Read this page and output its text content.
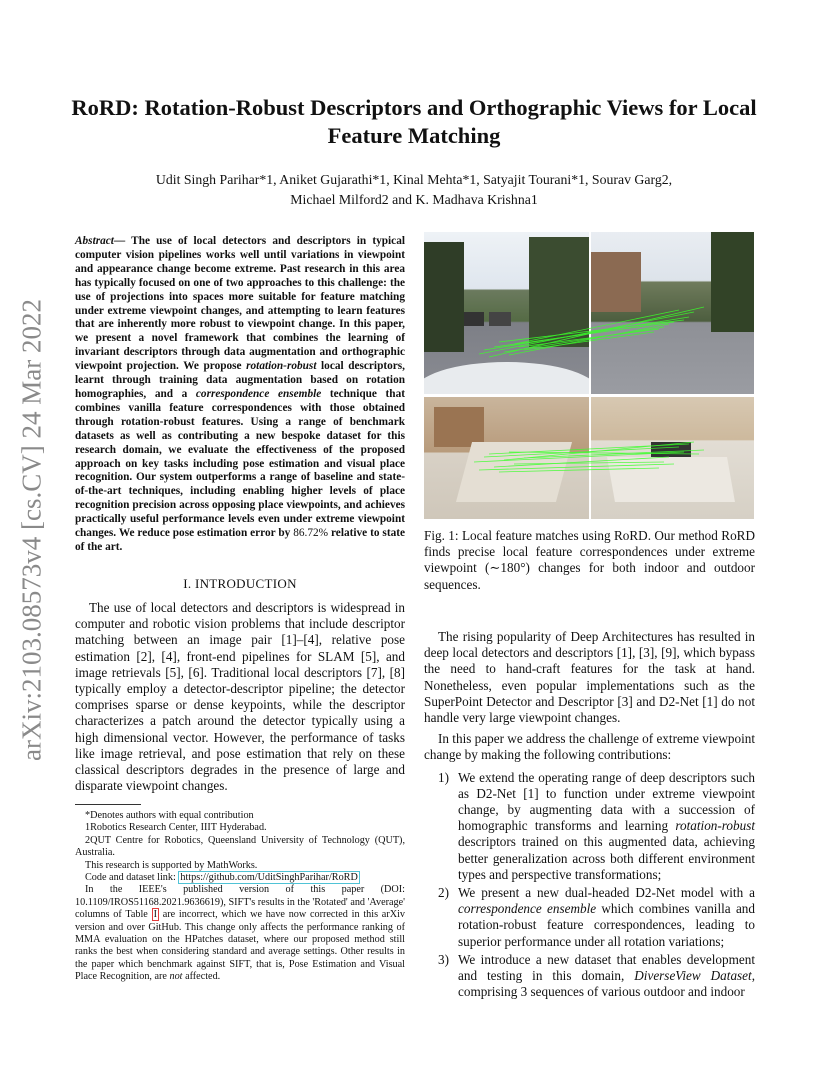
RoRD: Rotation-Robust Descriptors and Orthographic Views for Local Feature Matching
Udit Singh Parihar*1, Aniket Gujarathi*1, Kinal Mehta*1, Satyajit Tourani*1, Sourav Garg2,
Michael Milford2 and K. Madhava Krishna1
arXiv:2103.08573v4 [cs.CV] 24 Mar 2022
Abstract— The use of local detectors and descriptors in typical computer vision pipelines works well until variations in viewpoint and appearance change become extreme. Past research in this area has typically focused on one of two approaches to this challenge: the use of projections into spaces more suitable for feature matching under extreme viewpoint changes, and attempting to learn features that are inherently more robust to viewpoint change. In this paper, we present a novel framework that combines the learning of invariant descriptors through data augmentation and orthographic viewpoint projection. We propose rotation-robust local descriptors, learnt through training data augmentation based on rotation homographies, and a correspondence ensemble technique that combines vanilla feature correspondences with those obtained through rotation-robust features. Using a range of benchmark datasets as well as contributing a new bespoke dataset for this research domain, we evaluate the effectiveness of the proposed approach on key tasks including pose estimation and visual place recognition. Our system outperforms a range of baseline and state-of-the-art techniques, including enabling higher levels of place recognition precision across opposing place viewpoints, and achieves practically useful performance levels even under extreme viewpoint changes. We reduce pose estimation error by 86.72% relative to state of the art.
I. INTRODUCTION

The use of local detectors and descriptors is widespread in computer and robotic vision problems that include descriptor matching between an image pair [1]–[4], relative pose estimation [2], [4], front-end pipelines for SLAM [5], and image retrievals [5], [6]. Traditional local descriptors [7], [8] typically employ a detector-descriptor pipeline; the detector comprises sparse or dense keypoints, while the descriptor characterizes a patch around the detector typically using a high dimensional vector. However, the performance of tasks like image retrieval, and pose estimation that rely on these classical descriptors degrades in the presence of large and disparate viewpoint changes.

*Denotes authors with equal contribution

1Robotics Research Center, IIIT Hyderabad.

2QUT Centre for Robotics, Queensland University of Technology (QUT), Australia.

This research is supported by MathWorks.

Code and dataset link: https://github.com/UditSinghParihar/RoRD

In the IEEE's published version of this paper (DOI: 10.1109/IROS51168.2021.9636619), SIFT's results in the 'Rotated' and 'Average' columns of Table I are incorrect, which we have now corrected in this arXiv version and over GitHub. This change only affects the performance ranking of MMA evaluation on the HPatches dataset, where our proposed method still ranks the best when considering standard and average settings. Other results in the paper which benchmark against SIFT, that is, Pose Estimation and Visual Place Recognition, are not affected.

Fig. 1: Local feature matches using RoRD. Our method RoRD finds precise local feature correspondences under extreme viewpoint (∼180°) changes for both indoor and outdoor sequences.

The rising popularity of Deep Architectures has resulted in deep local detectors and descriptors [1], [3], [9], which bypass the need to hand-craft features for the task at hand. Nonetheless, even popular implementations such as the SuperPoint Detector and Descriptor [3] and D2-Net [1] do not handle very large viewpoint changes.

In this paper we address the challenge of extreme viewpoint change by making the following contributions:

1) We extend the operating range of deep descriptors such as D2-Net [1] to function under extreme viewpoint change, by augmenting data with a succession of homographic transforms and learning rotation-robust descriptors trained on this augmented data, achieving better generalization across both different environment types and perspective transformations;
2) We present a new dual-headed D2-Net model with a correspondence ensemble which combines vanilla and rotation-robust feature correspondences, leading to superior performance under all rotation variations;
3) We introduce a new dataset that enables development and testing in this domain, DiverseView Dataset, comprising 3 sequences of various outdoor and indoor
